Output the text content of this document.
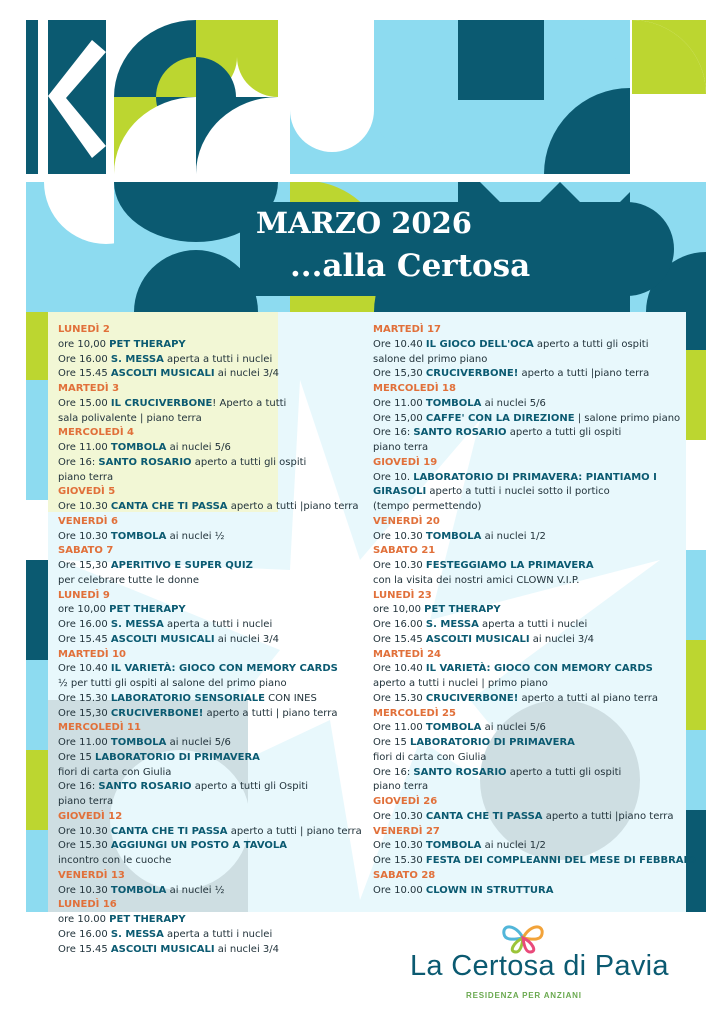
MARZO 2026
...alla Certosa
LUNEDÌ 2
ore 10,00 PET THERAPY
Ore 16.00 S. MESSA aperta a tutti i nuclei
Ore 15.45 ASCOLTI MUSICALI ai nuclei 3/4
MARTEDÌ 3
Ore 15.00 IL CRUCIVERBONE! Aperto a tutti
sala polivalente | piano terra
MERCOLEDÌ 4
Ore 11.00 TOMBOLA ai nuclei 5/6
Ore 16: SANTO ROSARIO aperto a tutti gli ospiti
piano terra
GIOVEDÌ 5
Ore 10.30 CANTA CHE TI PASSA aperto a tutti |piano terra
VENERDÌ 6
Ore 10.30 TOMBOLA ai nuclei ½
SABATO 7
Ore 15,30 APERITIVO E SUPER QUIZ
per celebrare tutte le donne
LUNEDÌ 9
ore 10,00 PET THERAPY
Ore 16.00 S. MESSA aperta a tutti i nuclei
Ore 15.45 ASCOLTI MUSICALI ai nuclei 3/4
MARTEDÌ 10
Ore 10.40 IL VARIETÀ: GIOCO CON MEMORY CARDS
½ per tutti gli ospiti al salone del primo piano
Ore 15.30 LABORATORIO SENSORIALE CON INES
Ore 15,30 CRUCIVERBONE! aperto a tutti | piano terra
MERCOLEDÌ 11
Ore 11.00 TOMBOLA ai nuclei 5/6
Ore 15 LABORATORIO DI PRIMAVERA
fiori di carta con Giulia
Ore 16: SANTO ROSARIO aperto a tutti gli Ospiti
piano terra
GIOVEDÌ 12
Ore 10.30 CANTA CHE TI PASSA aperto a tutti | piano terra
Ore 15.30 AGGIUNGI UN POSTO A TAVOLA
incontro con le cuoche
VENERDÌ 13
Ore 10.30 TOMBOLA ai nuclei ½
LUNEDÌ 16
ore 10.00 PET THERAPY
Ore 16.00 S. MESSA aperta a tutti i nuclei
Ore 15.45 ASCOLTI MUSICALI ai nuclei 3/4
MARTEDÌ 17
Ore 10.40 IL GIOCO DELL'OCA aperto a tutti gli ospiti
salone del primo piano
Ore 15,30 CRUCIVERBONE! aperto a tutti |piano terra
MERCOLEDÌ 18
Ore 11.00 TOMBOLA ai nuclei 5/6
Ore 15,00 CAFFE' CON LA DIREZIONE | salone primo piano
Ore 16: SANTO ROSARIO aperto a tutti gli ospiti
piano terra
GIOVEDÌ 19
Ore 10. LABORATORIO DI PRIMAVERA: PIANTIAMO I
GIRASOLI aperto a tutti i nuclei sotto il portico
(tempo permettendo)
VENERDÌ 20
Ore 10.30 TOMBOLA ai nuclei 1/2
SABATO 21
Ore 10.30 FESTEGGIAMO LA PRIMAVERA
con la visita dei nostri amici CLOWN V.I.P.
LUNEDÌ 23
ore 10,00 PET THERAPY
Ore 16.00 S. MESSA aperta a tutti i nuclei
Ore 15.45 ASCOLTI MUSICALI ai nuclei 3/4
MARTEDÌ 24
Ore 10.40 IL VARIETÀ: GIOCO CON MEMORY CARDS
aperto a tutti i nuclei | primo piano
Ore 15.30 CRUCIVERBONE! aperto a tutti al piano terra
MERCOLEDÌ 25
Ore 11.00 TOMBOLA ai nuclei 5/6
Ore 15 LABORATORIO DI PRIMAVERA
fiori di carta con Giulia
Ore 16: SANTO ROSARIO aperto a tutti gli ospiti
piano terra
GIOVEDÌ 26
Ore 10.30 CANTA CHE TI PASSA aperto a tutti |piano terra
VENERDÌ 27
Ore 10.30 TOMBOLA ai nuclei 1/2
Ore 15.30 FESTA DEI COMPLEANNI DEL MESE DI FEBBRAIO
SABATO 28
Ore 10.00 CLOWN IN STRUTTURA
La Certosa di Pavia
RESIDENZA PER ANZIANI
